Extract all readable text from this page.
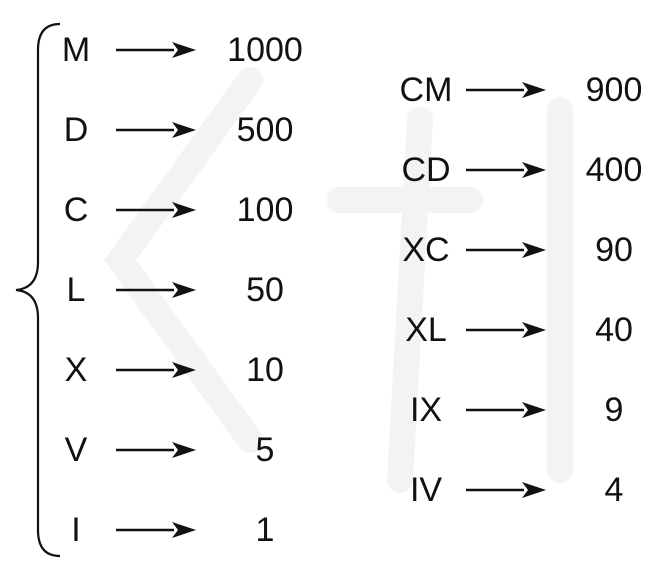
M	1000
D	500
C	100
L	50
X	10
V	5
I	1
CM	900
CD	400
XC	90
XL	40
IX	9
IV	4
